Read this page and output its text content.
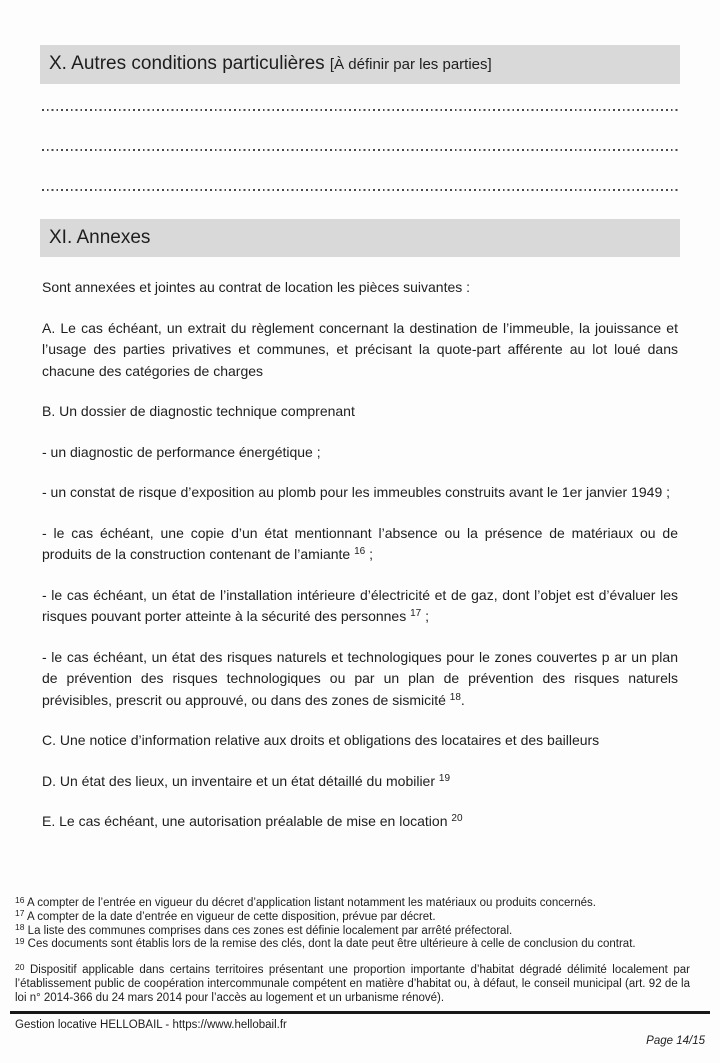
X. Autres conditions particulières [À définir par les parties]
XI. Annexes

Sont annexées et jointes au contrat de location les pièces suivantes :

A. Le cas échéant, un extrait du règlement concernant la destination de l’immeuble, la jouissance et l’usage des parties privatives et communes, et précisant la quote-part afférente au lot loué dans chacune des catégories de charges

B. Un dossier de diagnostic technique comprenant

- un diagnostic de performance énergétique ;

- un constat de risque d’exposition au plomb pour les immeubles construits avant le 1er janvier 1949 ;

- le cas échéant, une copie d’un état mentionnant l’absence ou la présence de matériaux ou de produits de la construction contenant de l’amiante $^{16}$ ;

- le cas échéant, un état de l’installation intérieure d’électricité et de gaz, dont l’objet est d’évaluer les risques pouvant porter atteinte à la sécurité des personnes $^{17}$ ;

- le cas échéant, un état des risques naturels et technologiques pour le zones couvertes p ar un plan de prévention des risques technologiques ou par un plan de prévention des risques naturels prévisibles, prescrit ou approuvé, ou dans des zones de sismicité $^{18}$.

C. Une notice d’information relative aux droits et obligations des locataires et des bailleurs

D. Un état des lieux, un inventaire et un état détaillé du mobilier $^{19}$

E. Le cas échéant, une autorisation préalable de mise en location $^{20}$

$^{16}$ A compter de l’entrée en vigueur du décret d’application listant notamment les matériaux ou produits concernés.

$^{17}$ A compter de la date d’entrée en vigueur de cette disposition, prévue par décret.

$^{18}$ La liste des communes comprises dans ces zones est définie localement par arrêté préfectoral.

$^{19}$ Ces documents sont établis lors de la remise des clés, dont la date peut être ultérieure à celle de conclusion du contrat.

$^{20}$ Dispositif applicable dans certains territoires présentant une proportion importante d’habitat dégradé délimité localement par l’établissement public de coopération intercommunale compétent en matière d’habitat ou, à défaut, le conseil municipal (art. 92 de la loi n° 2014-366 du 24 mars 2014 pour l’accès au logement et un urbanisme rénové).

Gestion locative HELLOBAIL - https://www.hellobail.fr
Page 14/15
